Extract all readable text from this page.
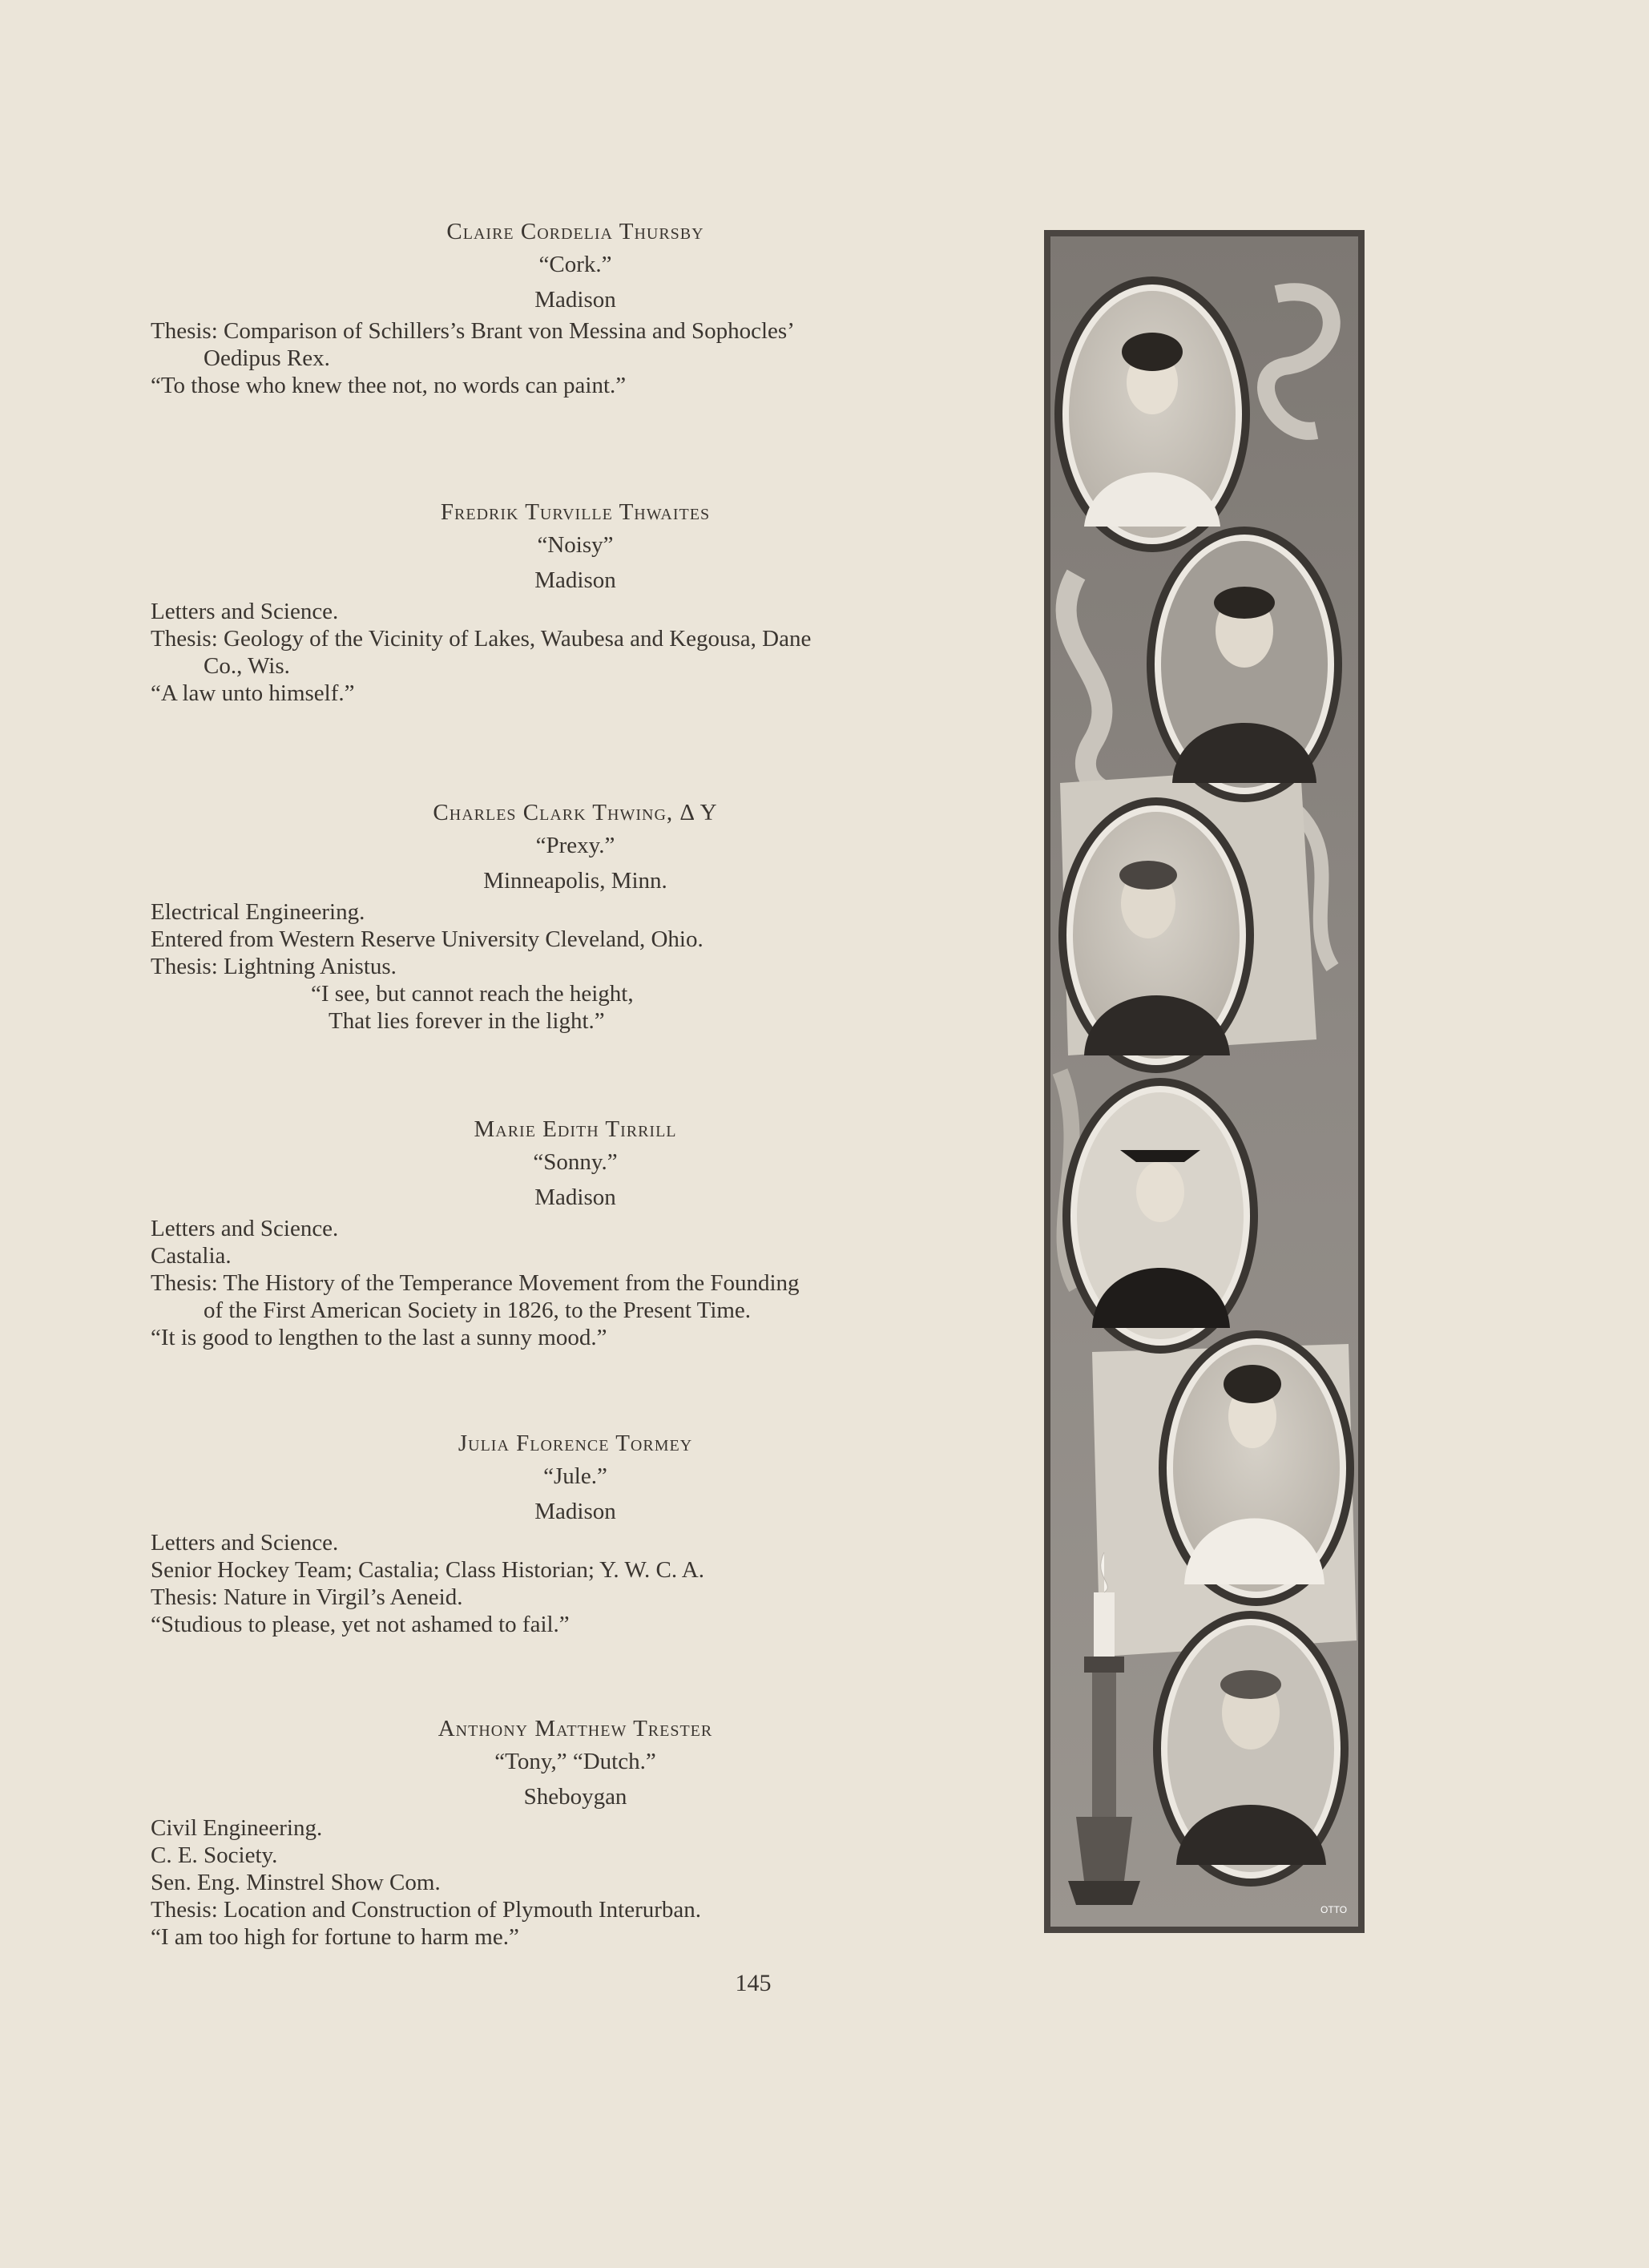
Claire Cordelia Thursby

“Cork.”

Madison

Thesis: Comparison of Schillers’s Brant von Messina and Sophocles’

Oedipus Rex.

“To those who knew thee not, no words can paint.”

Fredrik Turville Thwaites

“Noisy”

Madison

Letters and Science.

Thesis: Geology of the Vicinity of Lakes, Waubesa and Kegousa, Dane

Co., Wis.

“A law unto himself.”

Charles Clark Thwing, Δ Υ

“Prexy.”

Minneapolis, Minn.

Electrical Engineering.

Entered from Western Reserve University Cleveland, Ohio.

Thesis: Lightning Anistus.

“I see, but cannot reach the height,

That lies forever in the light.”

Marie Edith Tirrill

“Sonny.”

Madison

Letters and Science.

Castalia.

Thesis: The History of the Temperance Movement from the Founding

of the First American Society in 1826, to the Present Time.

“It is good to lengthen to the last a sunny mood.”

Julia Florence Tormey

“Jule.”

Madison

Letters and Science.

Senior Hockey Team; Castalia; Class Historian; Y. W. C. A.

Thesis: Nature in Virgil’s Aeneid.

“Studious to please, yet not ashamed to fail.”

Anthony Matthew Trester

“Tony,” “Dutch.”

Sheboygan

Civil Engineering.

C. E. Society.

Sen. Eng. Minstrel Show Com.

Thesis: Location and Construction of Plymouth Interurban.

“I am too high for fortune to harm me.”

OTTO

145
